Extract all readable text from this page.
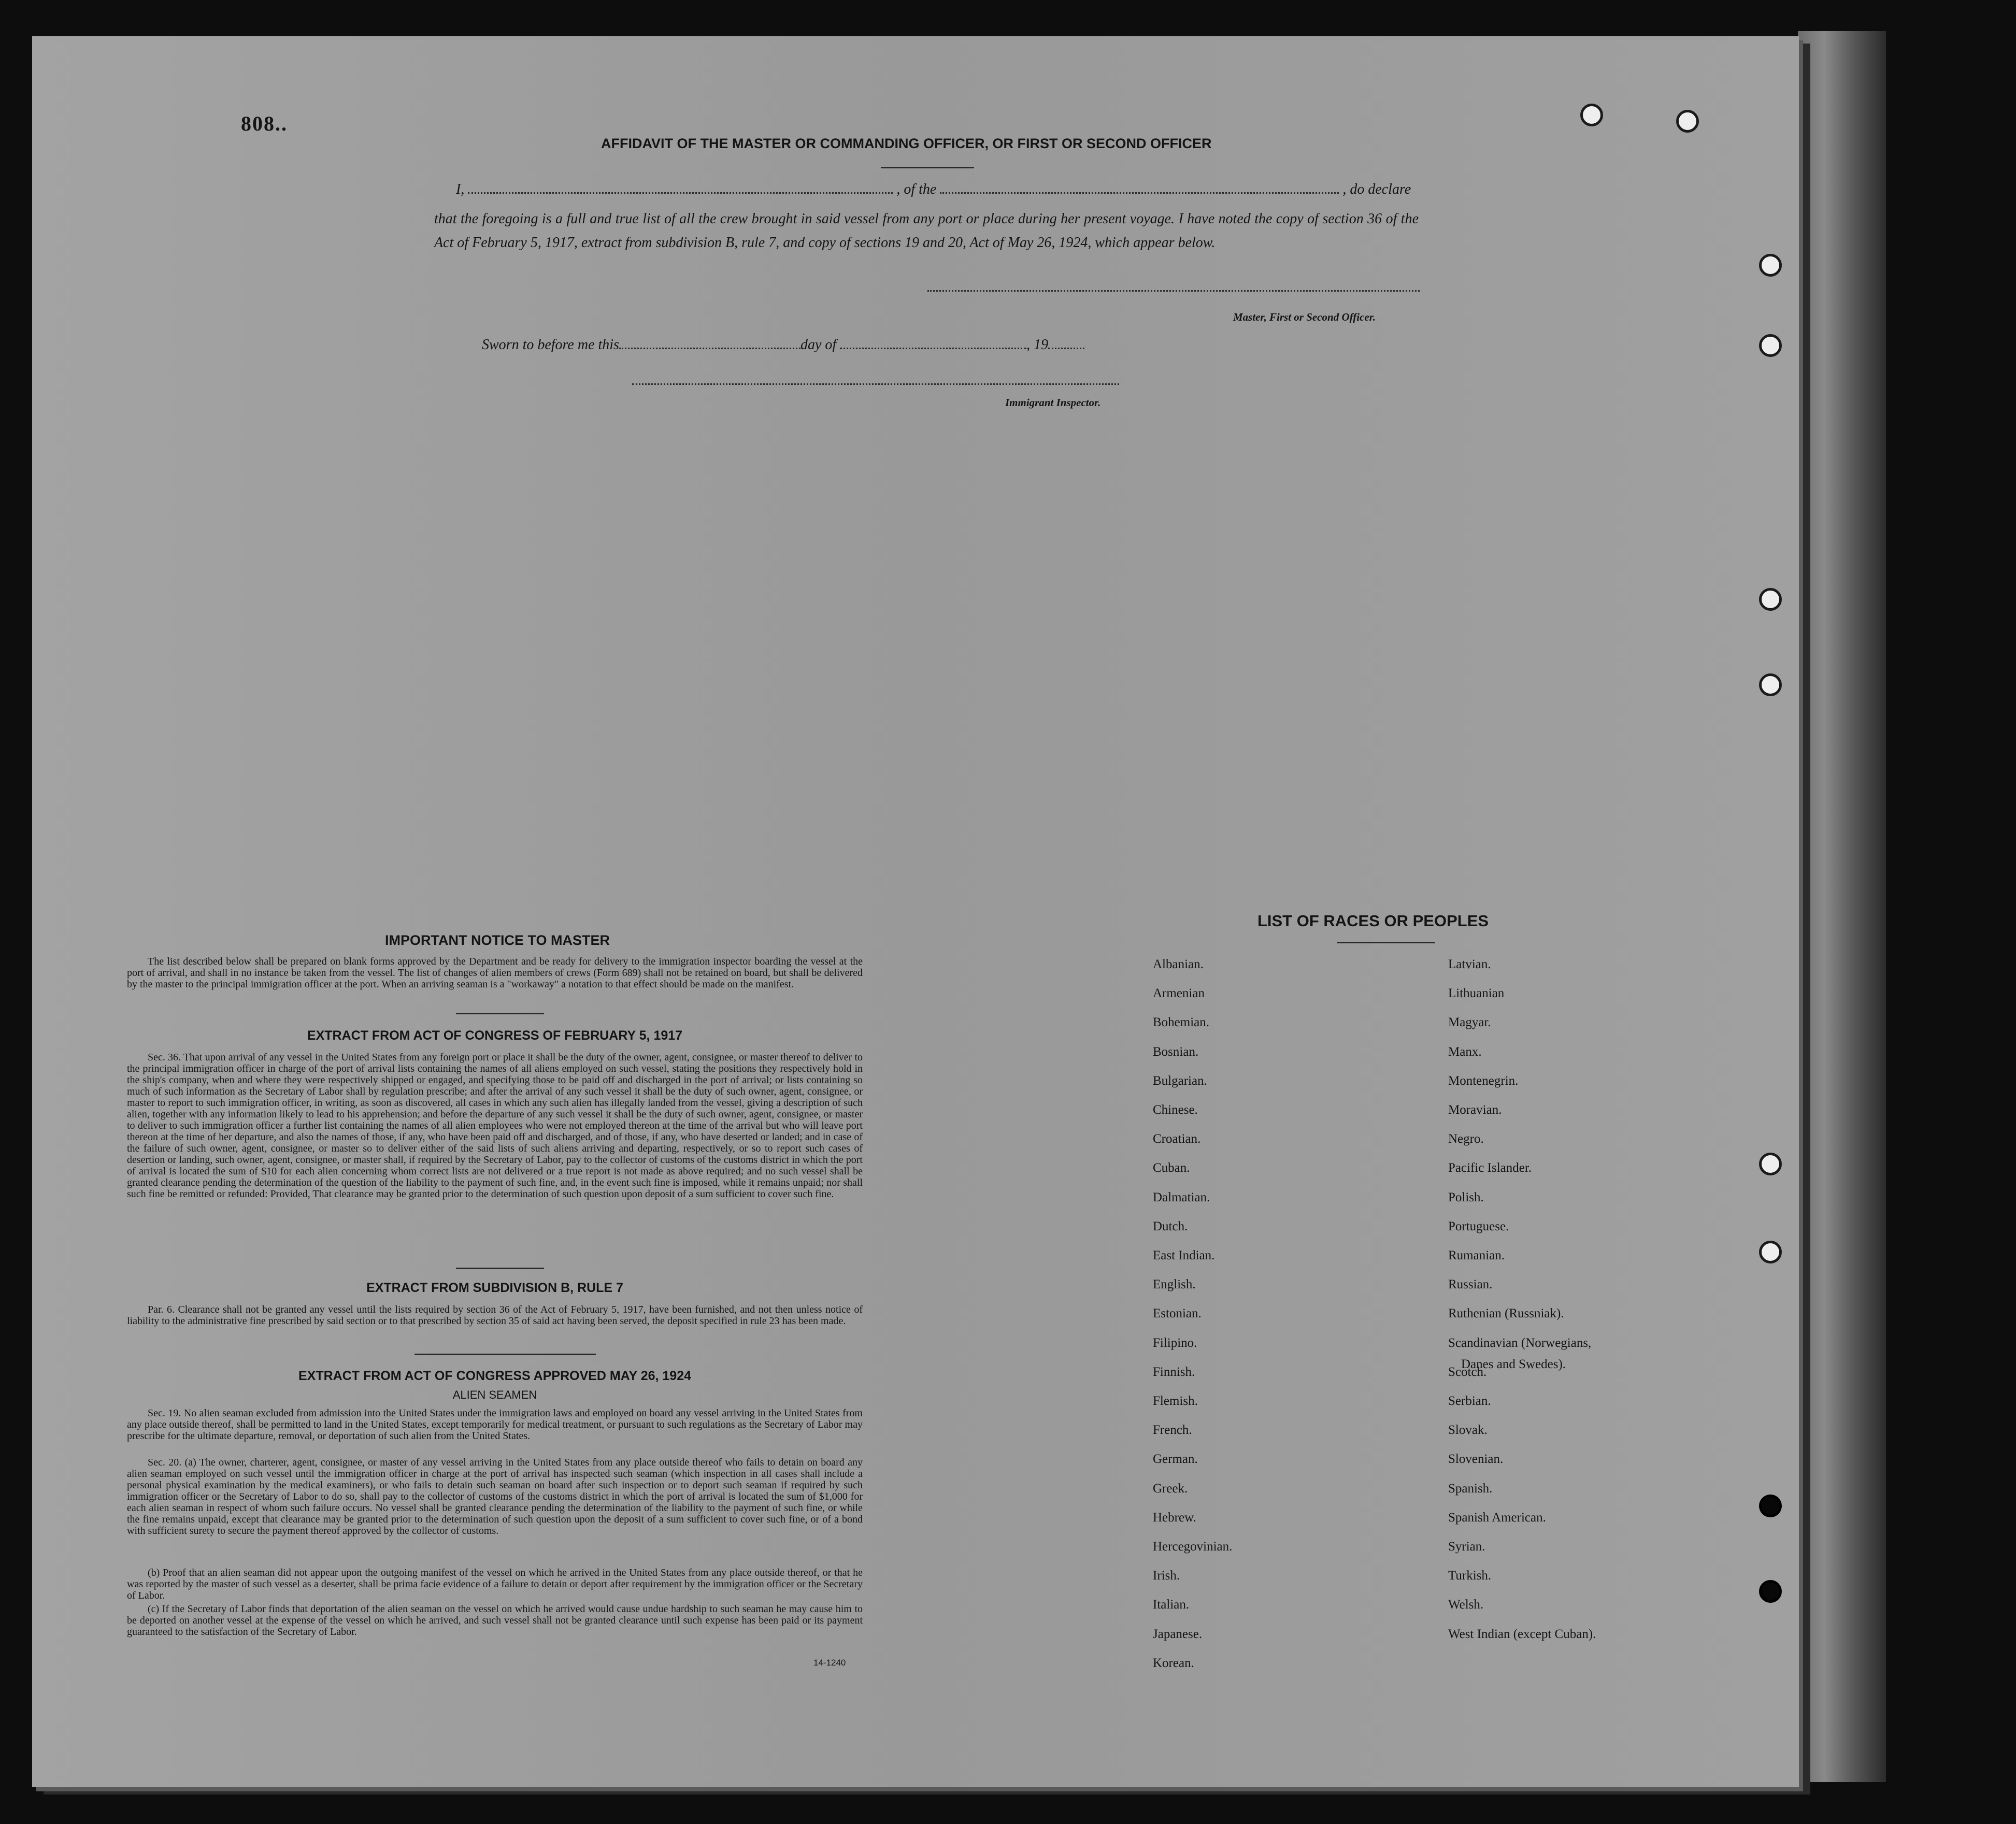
808..
AFFIDAVIT OF THE MASTER OR COMMANDING OFFICER, OR FIRST OR SECOND OFFICER
I,	, of the	, do declare
that the foregoing is a full and true list of all the crew brought in said vessel from any port or place during her present voyage. I have noted the copy of section 36 of the Act of February 5, 1917, extract from subdivision B, rule 7, and copy of sections 19 and 20, Act of May 26, 1924, which appear below.
Master, First or Second Officer.
Sworn to before me this	day of	, 19
Immigrant Inspector.
IMPORTANT NOTICE TO MASTER
The list described below shall be prepared on blank forms approved by the Department and be ready for delivery to the immigration inspector boarding the vessel at the port of arrival, and shall in no instance be taken from the vessel. The list of changes of alien members of crews (Form 689) shall not be retained on board, but shall be delivered by the master to the principal immigration officer at the port. When an arriving seaman is a "workaway" a notation to that effect should be made on the manifest.
EXTRACT FROM ACT OF CONGRESS OF FEBRUARY 5, 1917
Sec. 36. That upon arrival of any vessel in the United States from any foreign port or place it shall be the duty of the owner, agent, consignee, or master thereof to deliver to the principal immigration officer in charge of the port of arrival lists containing the names of all aliens employed on such vessel, stating the positions they respectively hold in the ship's company, when and where they were respectively shipped or engaged, and specifying those to be paid off and discharged in the port of arrival; or lists containing so much of such information as the Secretary of Labor shall by regulation prescribe; and after the arrival of any such vessel it shall be the duty of such owner, agent, consignee, or master to report to such immigration officer, in writing, as soon as discovered, all cases in which any such alien has illegally landed from the vessel, giving a description of such alien, together with any information likely to lead to his apprehension; and before the departure of any such vessel it shall be the duty of such owner, agent, consignee, or master to deliver to such immigration officer a further list containing the names of all alien employees who were not employed thereon at the time of the arrival but who will leave port thereon at the time of her departure, and also the names of those, if any, who have been paid off and discharged, and of those, if any, who have deserted or landed; and in case of the failure of such owner, agent, consignee, or master so to deliver either of the said lists of such aliens arriving and departing, respectively, or so to report such cases of desertion or landing, such owner, agent, consignee, or master shall, if required by the Secretary of Labor, pay to the collector of customs of the customs district in which the port of arrival is located the sum of $10 for each alien concerning whom correct lists are not delivered or a true report is not made as above required; and no such vessel shall be granted clearance pending the determination of the question of the liability to the payment of such fine, and, in the event such fine is imposed, while it remains unpaid; nor shall such fine be remitted or refunded: Provided, That clearance may be granted prior to the determination of such question upon deposit of a sum sufficient to cover such fine.
EXTRACT FROM SUBDIVISION B, RULE 7
Par. 6. Clearance shall not be granted any vessel until the lists required by section 36 of the Act of February 5, 1917, have been furnished, and not then unless notice of liability to the administrative fine prescribed by said section or to that prescribed by section 35 of said act having been served, the deposit specified in rule 23 has been made.
EXTRACT FROM ACT OF CONGRESS APPROVED MAY 26, 1924
ALIEN SEAMEN
Sec. 19. No alien seaman excluded from admission into the United States under the immigration laws and employed on board any vessel arriving in the United States from any place outside thereof, shall be permitted to land in the United States, except temporarily for medical treatment, or pursuant to such regulations as the Secretary of Labor may prescribe for the ultimate departure, removal, or deportation of such alien from the United States.
Sec. 20. (a) The owner, charterer, agent, consignee, or master of any vessel arriving in the United States from any place outside thereof who fails to detain on board any alien seaman employed on such vessel until the immigration officer in charge at the port of arrival has inspected such seaman (which inspection in all cases shall include a personal physical examination by the medical examiners), or who fails to detain such seaman on board after such inspection or to deport such seaman if required by such immigration officer or the Secretary of Labor to do so, shall pay to the collector of customs of the customs district in which the port of arrival is located the sum of $1,000 for each alien seaman in respect of whom such failure occurs. No vessel shall be granted clearance pending the determination of the liability to the payment of such fine, or while the fine remains unpaid, except that clearance may be granted prior to the determination of such question upon the deposit of a sum sufficient to cover such fine, or of a bond with sufficient surety to secure the payment thereof approved by the collector of customs.
(b) Proof that an alien seaman did not appear upon the outgoing manifest of the vessel on which he arrived in the United States from any place outside thereof, or that he was reported by the master of such vessel as a deserter, shall be prima facie evidence of a failure to detain or deport after requirement by the immigration officer or the Secretary of Labor.
(c) If the Secretary of Labor finds that deportation of the alien seaman on the vessel on which he arrived would cause undue hardship to such seaman he may cause him to be deported on another vessel at the expense of the vessel on which he arrived, and such vessel shall not be granted clearance until such expense has been paid or its payment guaranteed to the satisfaction of the Secretary of Labor.
14-1240
LIST OF RACES OR PEOPLES
Albanian.
Armenian
Bohemian.
Bosnian.
Bulgarian.
Chinese.
Croatian.
Cuban.
Dalmatian.
Dutch.
East Indian.
English.
Estonian.
Filipino.
Finnish.
Flemish.
French.
German.
Greek.
Hebrew.
Hercegovinian.
Irish.
Italian.
Japanese.
Korean.
Latvian.
Lithuanian
Magyar.
Manx.
Montenegrin.
Moravian.
Negro.
Pacific Islander.
Polish.
Portuguese.
Rumanian.
Russian.
Ruthenian (Russniak).
Scandinavian (Norwegians,
Scotch.
Serbian.
Slovak.
Slovenian.
Spanish.
Spanish American.
Syrian.
Turkish.
Welsh.
West Indian (except Cuban).
Danes and Swedes).
